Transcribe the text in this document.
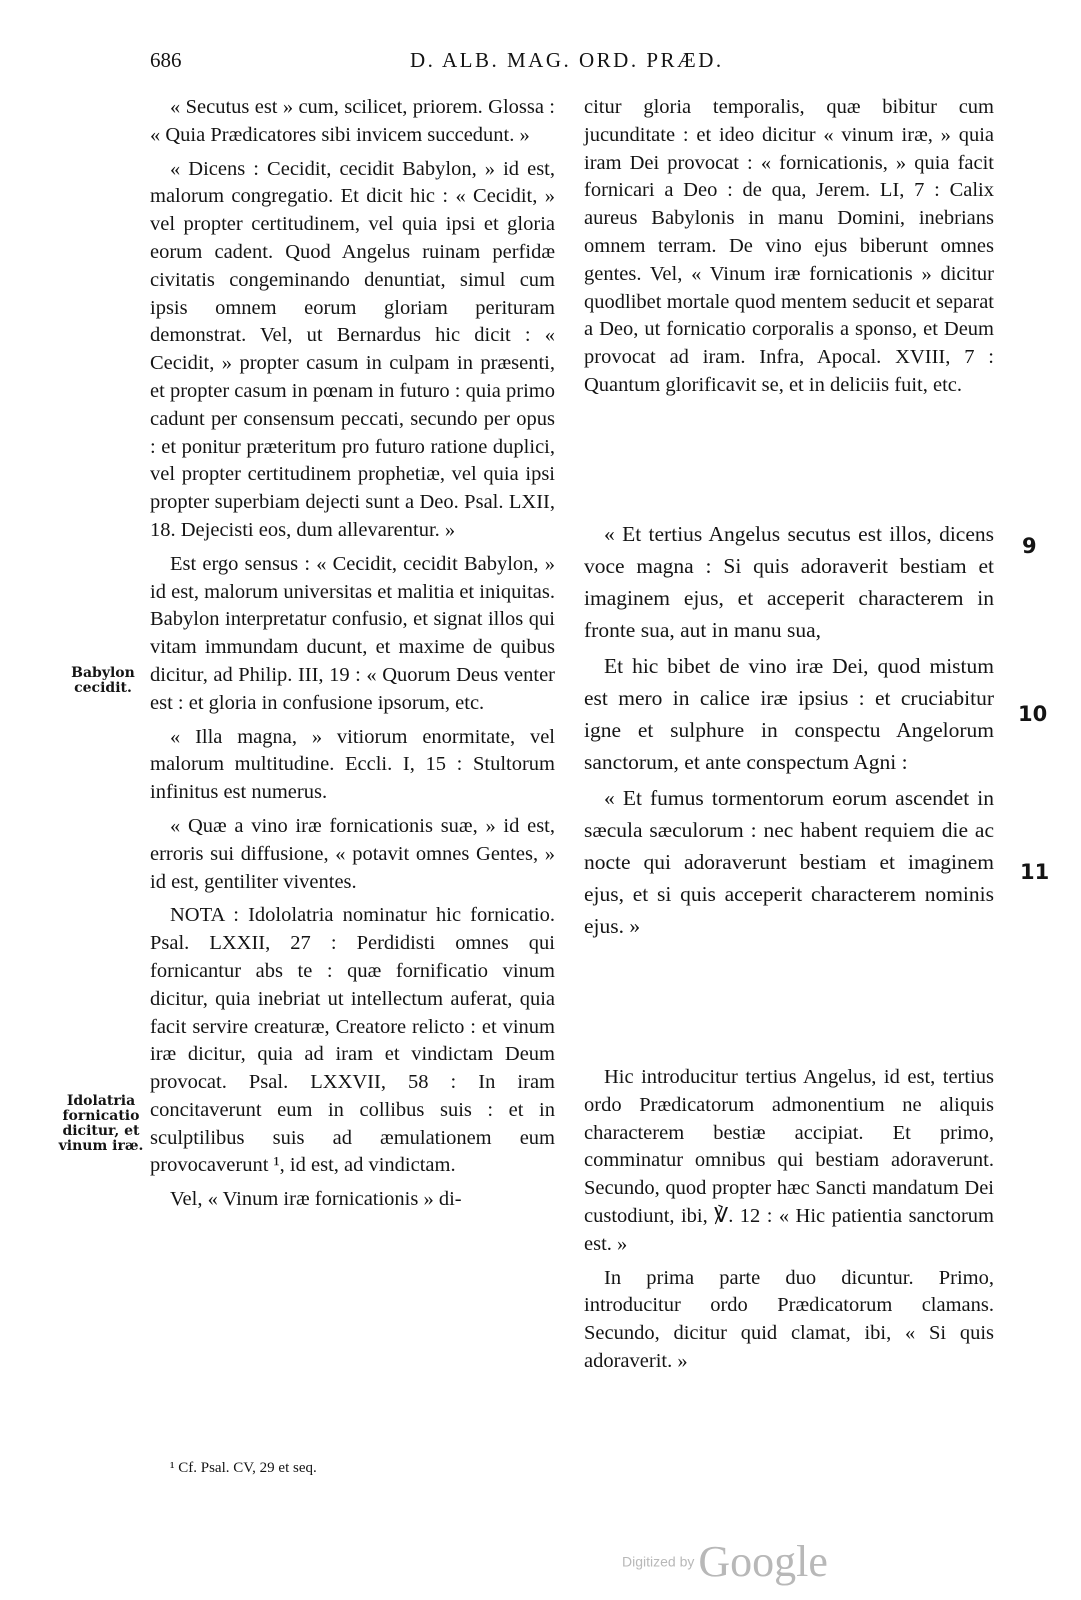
686	D. ALB. MAG. ORD. PRÆD.

« Secutus est » cum, scilicet, priorem. Glossa : « Quia Prædicatores sibi invicem succedunt. »

« Dicens : Cecidit, cecidit Babylon, » id est, malorum congregatio. Et dicit hic : « Cecidit, » vel propter certitudinem, vel quia ipsi et gloria eorum cadent. Quod Angelus ruinam perfidæ civitatis congeminando denuntiat, simul cum ipsis omnem eorum gloriam perituram demonstrat. Vel, ut Bernardus hic dicit : « Cecidit, » propter casum in culpam in præsenti, et propter casum in pœnam in futuro : quia primo cadunt per consensum peccati, secundo per opus : et ponitur præteritum pro futuro ratione duplici, vel propter certitudinem prophetiæ, vel quia ipsi propter superbiam dejecti sunt a Deo. Psal. LXII, 18. Dejecisti eos, dum allevarentur. »

Est ergo sensus : « Cecidit, cecidit Babylon, » id est, malorum universitas et malitia et iniquitas. Babylon interpretatur confusio, et signat illos qui vitam immundam ducunt, et maxime de quibus dicitur, ad Philip. III, 19 : « Quorum Deus venter est : et gloria in confusione ipsorum, etc.

« Illa magna, » vitiorum enormitate, vel malorum multitudine. Eccli. I, 15 : Stultorum infinitus est numerus.

« Quæ a vino iræ fornicationis suæ, » id est, erroris sui diffusione, « potavit omnes Gentes, » id est, gentiliter viventes.

NOTA : Idololatria nominatur hic fornicatio. Psal. LXXII, 27 : Perdidisti omnes qui fornicantur abs te : quæ fornificatio vinum dicitur, quia inebriat ut intellectum auferat, quia facit servire creaturæ, Creatore relicto : et vinum iræ dicitur, quia ad iram et vindictam Deum provocat. Psal. LXXVII, 58 : In iram concitaverunt eum in collibus suis : et in sculptilibus suis ad æmulationem eum provocaverunt ¹, id est, ad vindictam.

Vel, « Vinum iræ fornicationis » di-

citur gloria temporalis, quæ bibitur cum jucunditate : et ideo dicitur « vinum iræ, » quia iram Dei provocat : « fornicationis, » quia facit fornicari a Deo : de qua, Jerem. LI, 7 : Calix aureus Babylonis in manu Domini, inebrians omnem terram. De vino ejus biberunt omnes gentes. Vel, « Vinum iræ fornicationis » dicitur quodlibet mortale quod mentem seducit et separat a Deo, ut fornicatio corporalis a sponso, et Deum provocat ad iram. Infra, Apocal. XVIII, 7 : Quantum glorificavit se, et in deliciis fuit, etc.

« Et tertius Angelus secutus est illos, dicens voce magna : Si quis adoraverit bestiam et imaginem ejus, et acceperit characterem in fronte sua, aut in manu sua,

Et hic bibet de vino iræ Dei, quod mistum est mero in calice iræ ipsius : et cruciabitur igne et sulphure in conspectu Angelorum sanctorum, et ante conspectum Agni :

« Et fumus tormentorum eorum ascendet in sæcula sæculorum : nec habent requiem die ac nocte qui adoraverunt bestiam et imaginem ejus, et si quis acceperit characterem nominis ejus. »

Hic introducitur tertius Angelus, id est, tertius ordo Prædicatorum admonentium ne aliquis characterem bestiæ accipiat. Et primo, comminatur omnibus qui bestiam adoraverunt. Secundo, quod propter hæc Sancti mandatum Dei custodiunt, ibi, ℣. 12 : « Hic patientia sanctorum est. »

In prima parte duo dicuntur. Primo, introducitur ordo Prædicatorum clamans. Secundo, dicitur quid clamat, ibi, « Si quis adoraverit. »

Babylon cecidit.
Idolatria fornicatio dicitur, et vinum iræ.
9
10
11
¹ Cf. Psal. CV, 29 et seq.
Digitized by Google
